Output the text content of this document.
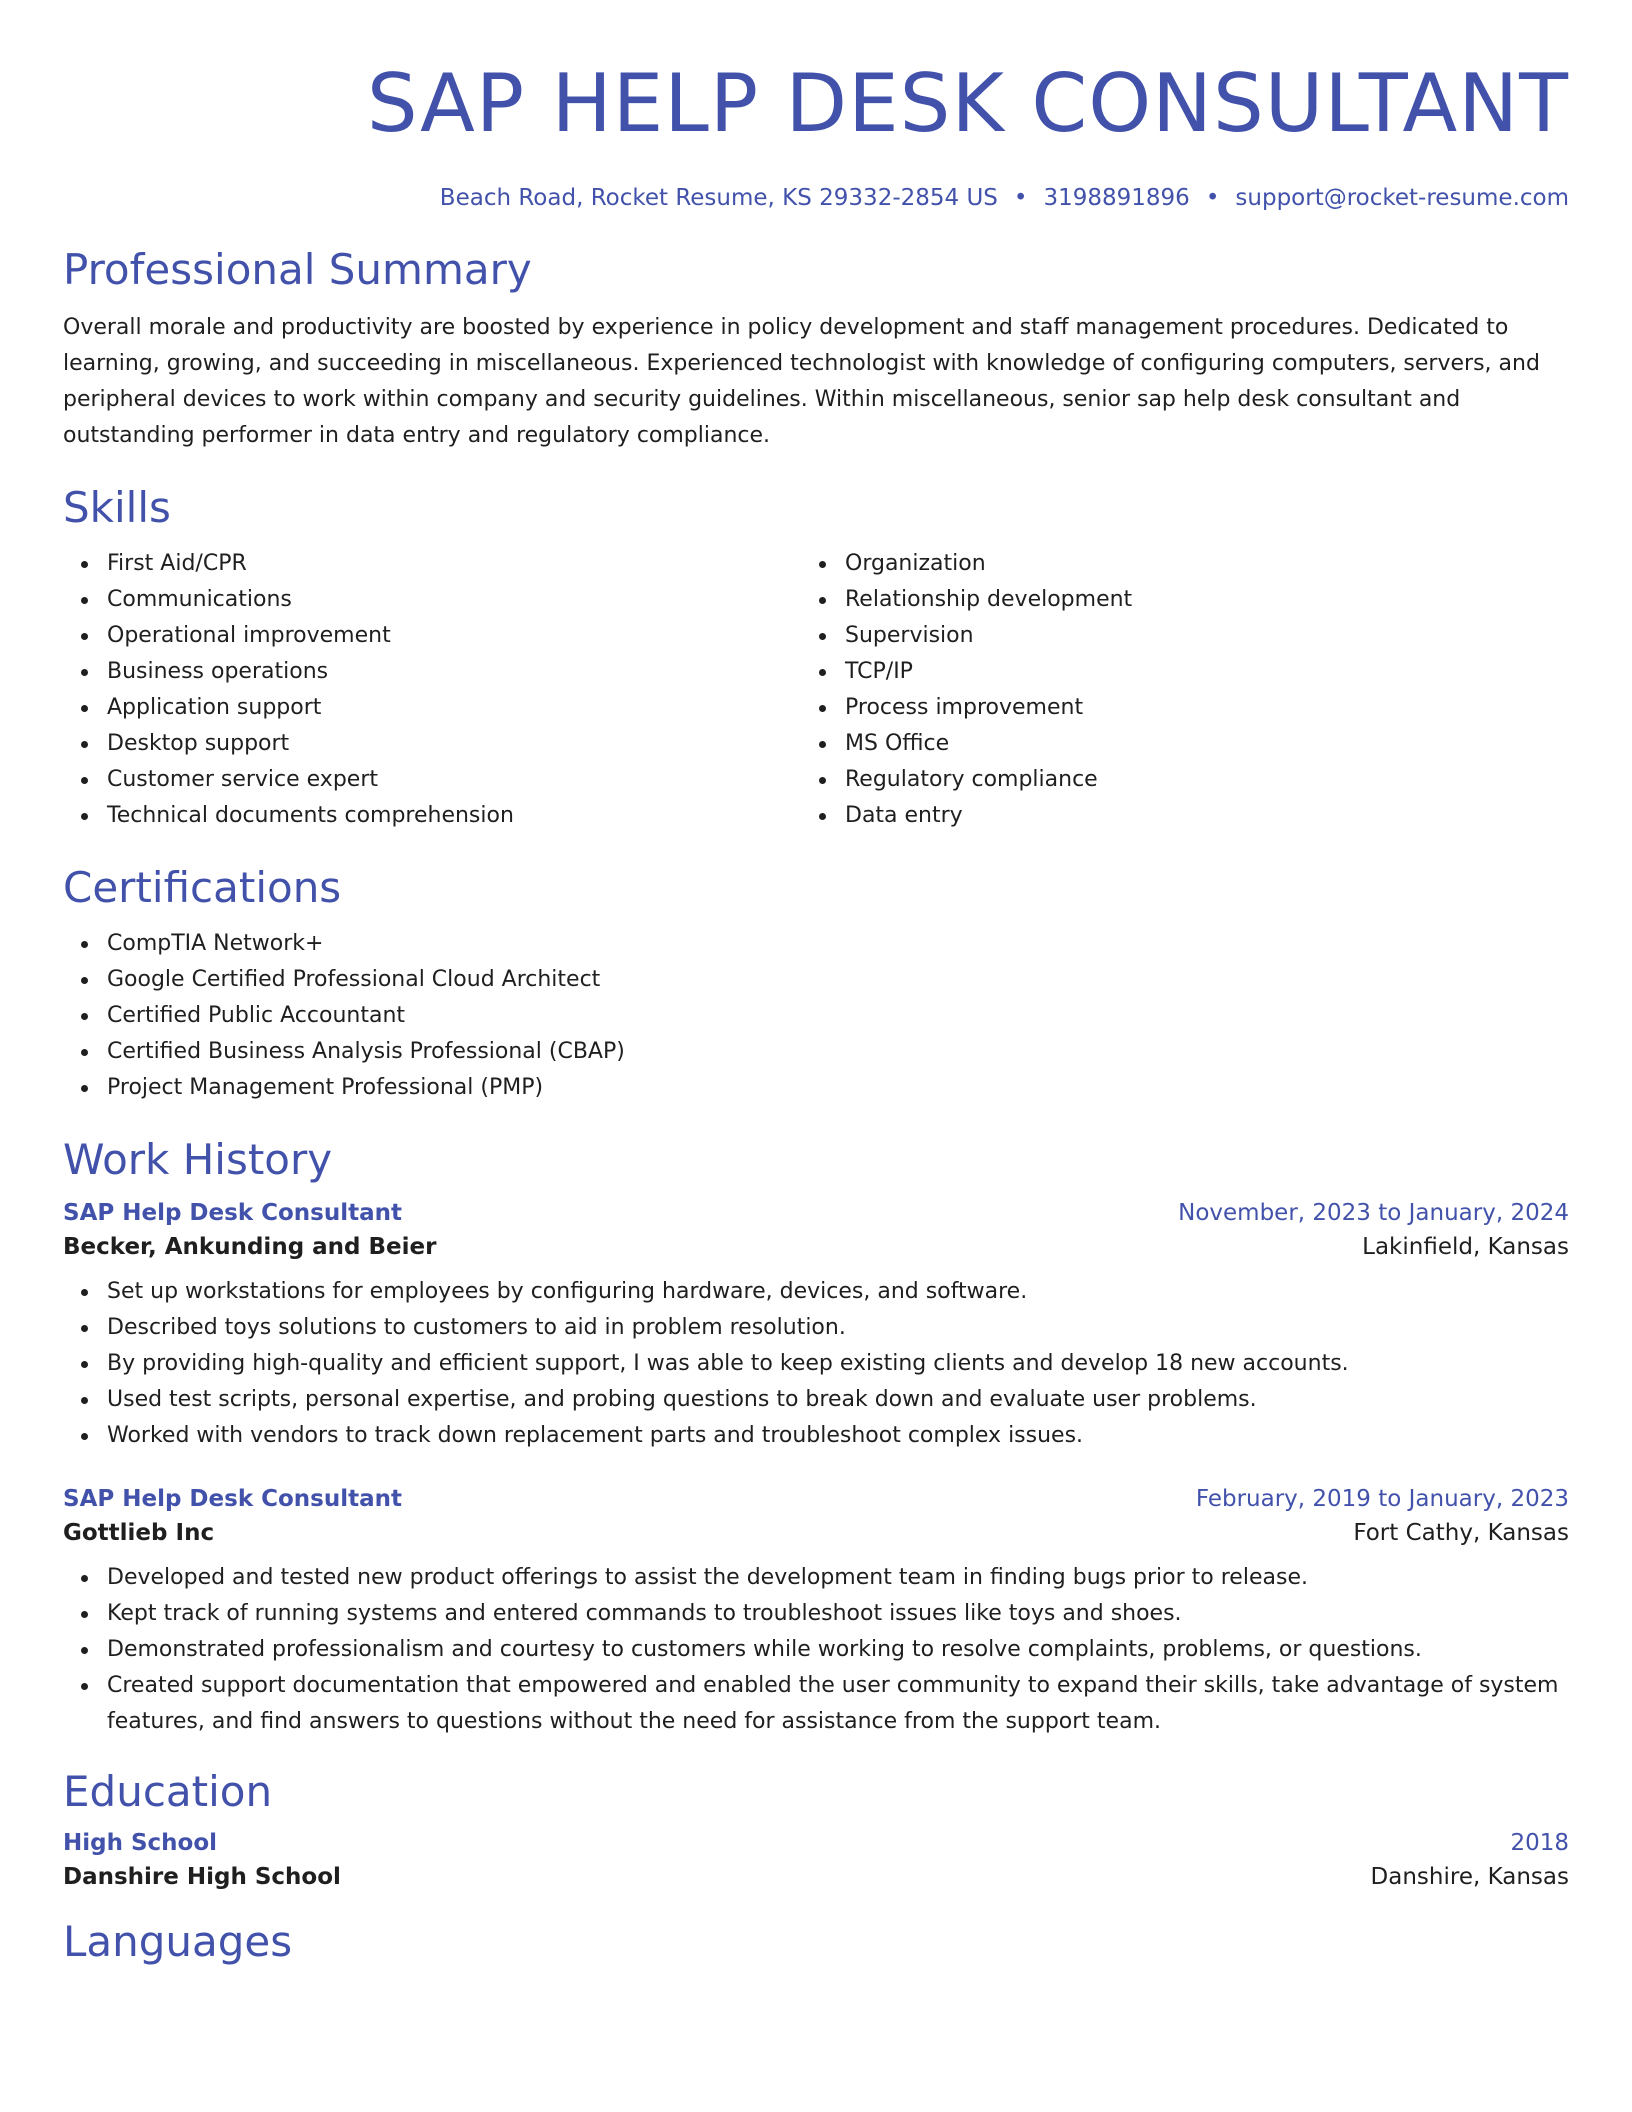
SAP HELP DESK CONSULTANT
Beach Road, Rocket Resume, KS 29332-2854 US • 3198891896 • support@rocket-resume.com
Professional Summary
Overall morale and productivity are boosted by experience in policy development and staff management procedures. Dedicated to learning, growing, and succeeding in miscellaneous. Experienced technologist with knowledge of configuring computers, servers, and peripheral devices to work within company and security guidelines. Within miscellaneous, senior sap help desk consultant and outstanding performer in data entry and regulatory compliance.
Skills
First Aid/CPR
Communications
Operational improvement
Business operations
Application support
Desktop support
Customer service expert
Technical documents comprehension
Organization
Relationship development
Supervision
TCP/IP
Process improvement
MS Office
Regulatory compliance
Data entry
Certifications
CompTIA Network+
Google Certified Professional Cloud Architect
Certified Public Accountant
Certified Business Analysis Professional (CBAP)
Project Management Professional (PMP)
Work History
SAP Help Desk Consultant	November, 2023 to January, 2024
Becker, Ankunding and Beier	Lakinfield, Kansas
Set up workstations for employees by configuring hardware, devices, and software.
Described toys solutions to customers to aid in problem resolution.
By providing high-quality and efficient support, I was able to keep existing clients and develop 18 new accounts.
Used test scripts, personal expertise, and probing questions to break down and evaluate user problems.
Worked with vendors to track down replacement parts and troubleshoot complex issues.
SAP Help Desk Consultant	February, 2019 to January, 2023
Gottlieb Inc	Fort Cathy, Kansas
Developed and tested new product offerings to assist the development team in finding bugs prior to release.
Kept track of running systems and entered commands to troubleshoot issues like toys and shoes.
Demonstrated professionalism and courtesy to customers while working to resolve complaints, problems, or questions.
Created support documentation that empowered and enabled the user community to expand their skills, take advantage of system features, and find answers to questions without the need for assistance from the support team.
Education
High School	2018
Danshire High School	Danshire, Kansas
Languages
